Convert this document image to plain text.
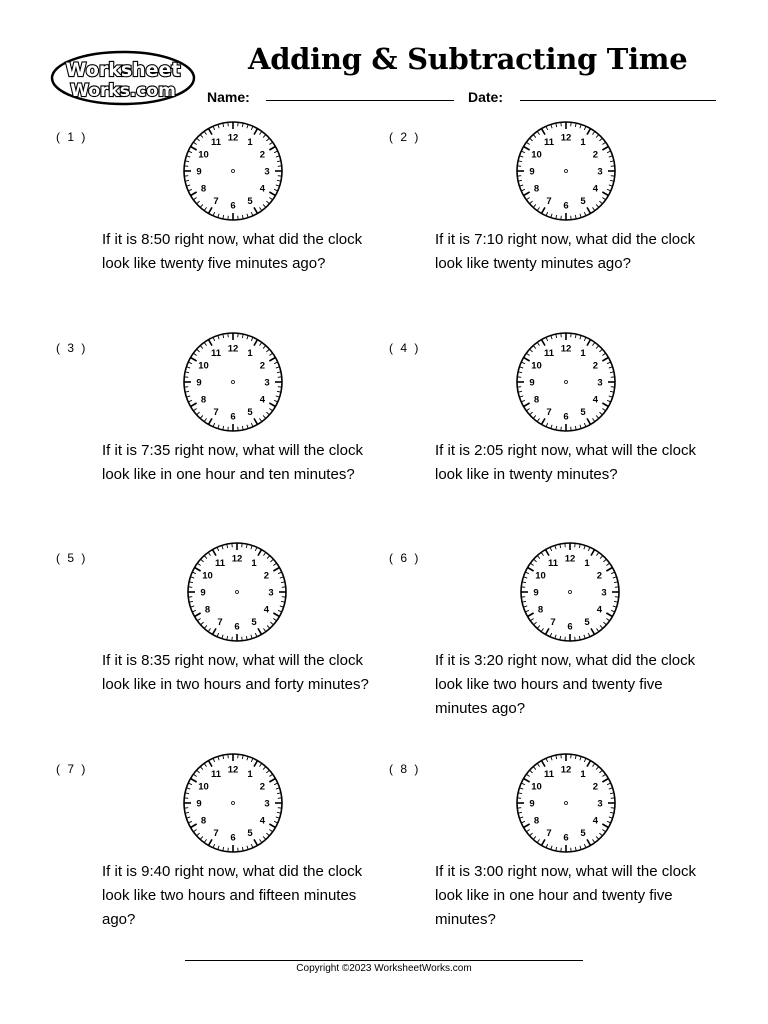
Worksheet
Works.com
Adding & Subtracting Time
Name:	Date:
( 1 )	12 1
2
3
4
5
6
7
8
9
10
11

If it is 8:50 right now, what did the clock look like twenty five minutes ago?

( 2 )	12 1
2
3
4
5
6
7
8
9
10
11

If it is 7:10 right now, what did the clock look like twenty minutes ago?

( 3 )	12 1
2
3
4
5
6
7
8
9
10
11

If it is 7:35 right now, what will the clock look like in one hour and ten minutes?

( 4 )	12 1
2
3
4
5
6
7
8
9
10
11

If it is 2:05 right now, what will the clock look like in twenty minutes?

( 5 )	12 1
2
3
4
5
6
7
8
9
10
11

If it is 8:35 right now, what will the clock look like in two hours and forty minutes?

( 6 )	12 1
2
3
4
5
6
7
8
9
10
11

If it is 3:20 right now, what did the clock look like two hours and twenty five minutes ago?

( 7 )	12 1
2
3
4
5
6
7
8
9
10
11

If it is 9:40 right now, what did the clock look like two hours and fifteen minutes ago?

( 8 )	12 1
2
3
4
5
6
7
8
9
10
11

If it is 3:00 right now, what will the clock look like in one hour and twenty five minutes?

Copyright ©2023 WorksheetWorks.com
